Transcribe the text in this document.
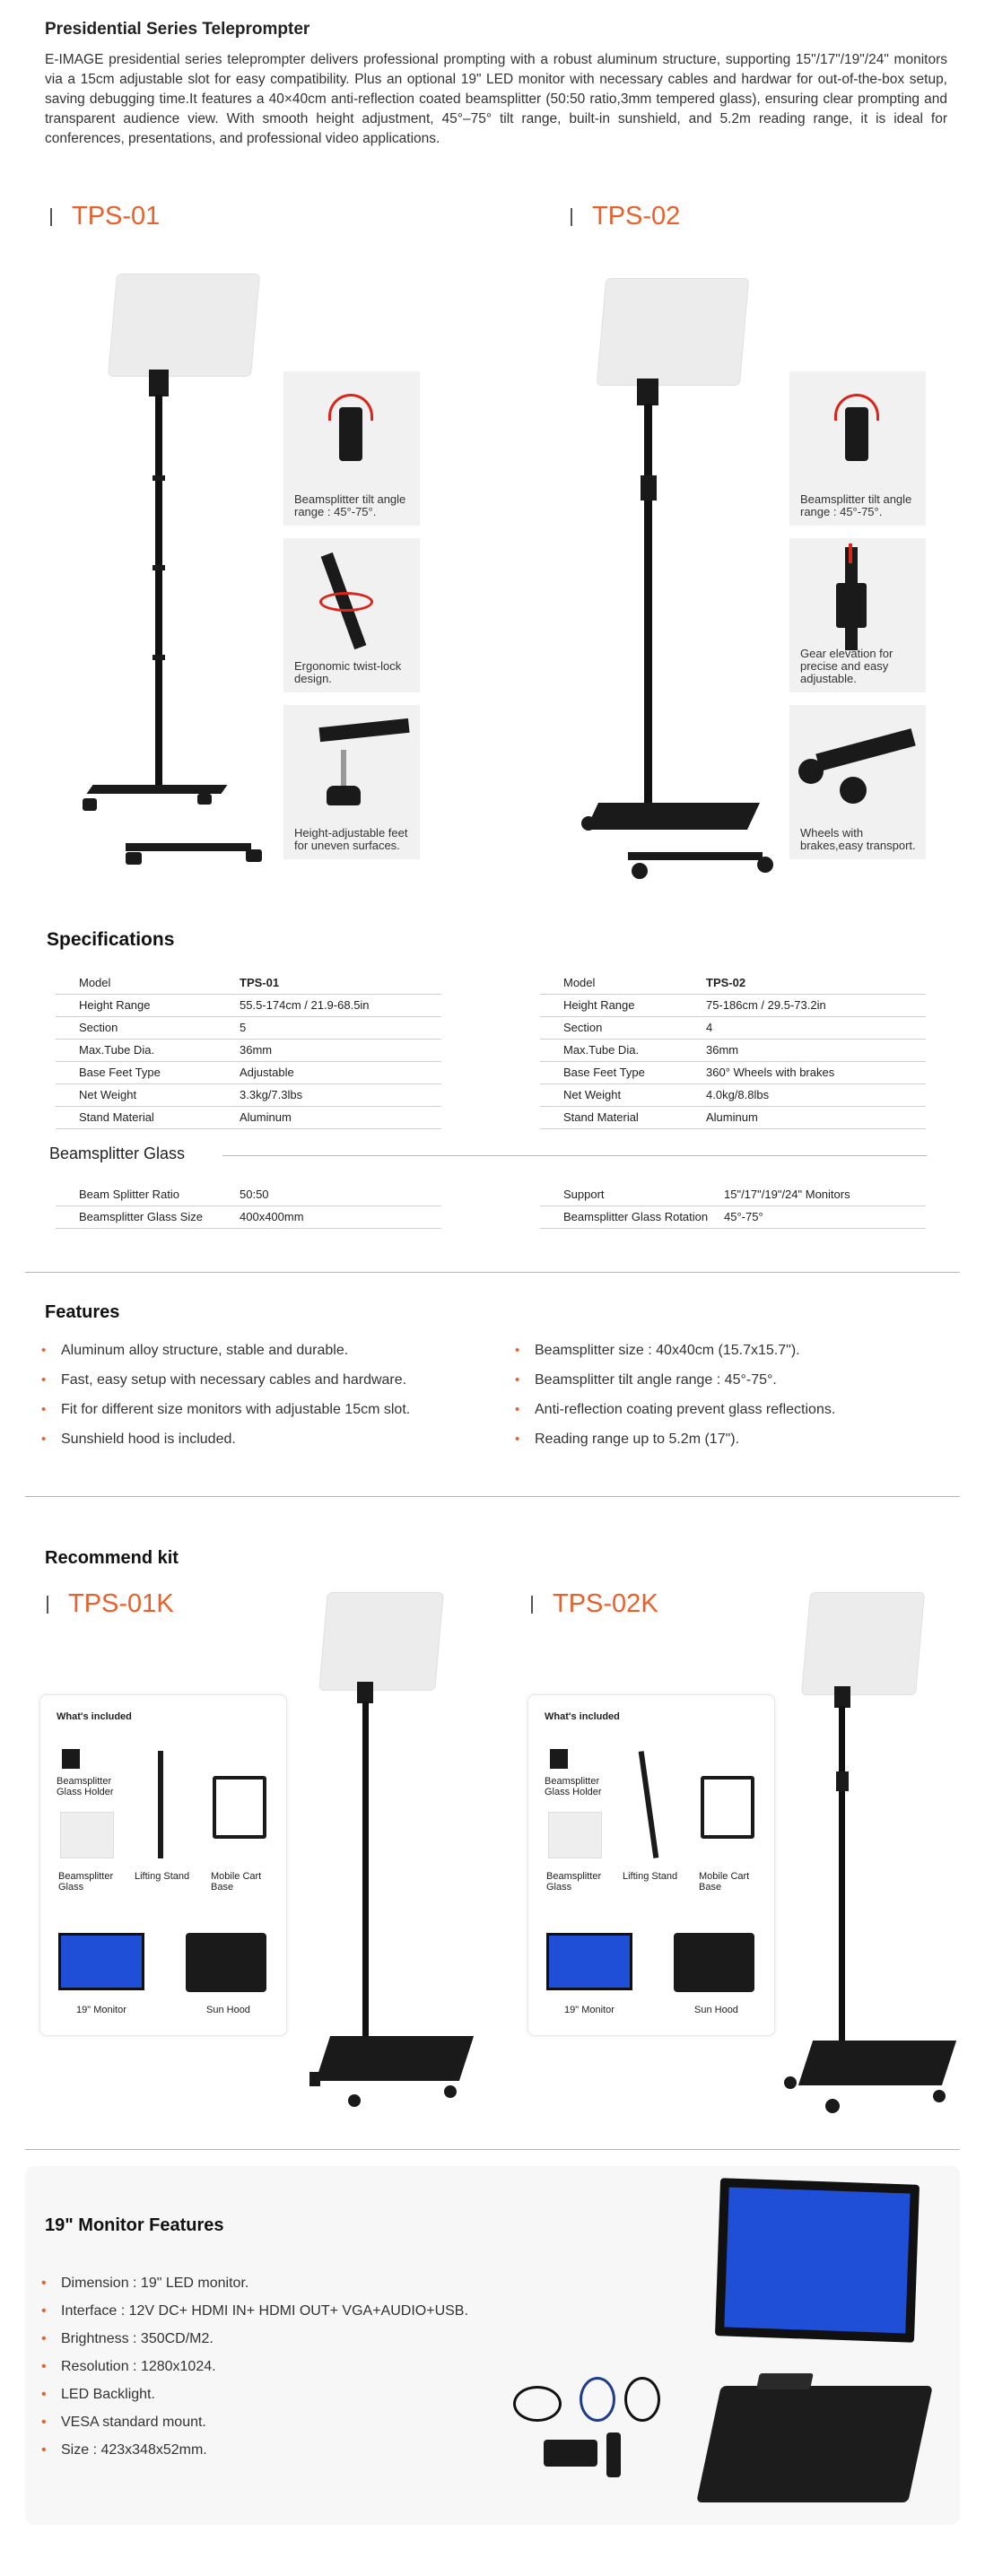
Presidential Series Teleprompter
E-IMAGE presidential series teleprompter delivers professional prompting with a robust aluminum structure, supporting 15"/17"/19"/24" monitors via a 15cm adjustable slot for easy compatibility. Plus an optional 19" LED monitor with necessary cables and hardwar for out-of-the-box setup, saving debugging time.It features a 40×40cm anti-reflection coated beamsplitter (50:50 ratio,3mm tempered glass), ensuring clear prompting and transparent audience view. With smooth height adjustment, 45°–75° tilt range, built-in sunshield, and 5.2m reading range, it is ideal for conferences, presentations, and professional video applications.
TPS-01	TPS-02
Beamsplitter tilt angle range : 45°-75°.
Ergonomic twist-lock design.
Height-adjustable feet for uneven surfaces.
Beamsplitter tilt angle range : 45°-75°.
Gear elevation for precise and easy adjustable.
Wheels with brakes,easy transport.
Specifications
Model	TPS-01
Height Range	55.5-174cm / 21.9-68.5in
Section	5
Max.Tube Dia.	36mm
Base Feet Type	Adjustable
Net Weight	3.3kg/7.3lbs
Stand Material	Aluminum
Model	TPS-02
Height Range	75-186cm / 29.5-73.2in
Section	4
Max.Tube Dia.	36mm
Base Feet Type	360° Wheels with brakes
Net Weight	4.0kg/8.8lbs
Stand Material	Aluminum
Beamsplitter Glass
Beam Splitter Ratio	50:50
Beamsplitter Glass Size	400x400mm
Support	15"/17"/19"/24" Monitors
Beamsplitter Glass Rotation	45°-75°
Features
• Aluminum alloy structure, stable and durable.
• Fast, easy setup with necessary cables and hardware.
• Fit for different size monitors with adjustable 15cm slot.
• Sunshield hood is included.
• Beamsplitter size : 40x40cm (15.7x15.7").
• Beamsplitter tilt angle range : 45°-75°.
• Anti-reflection coating prevent glass reflections.
• Reading range up to 5.2m (17").
Recommend kit
TPS-01K	TPS-02K
What's included
Beamsplitter Glass Holder
Beamsplitter Glass
Lifting Stand	Mobile Cart Base
19" Monitor	Sun Hood
What's included
Beamsplitter Glass Holder
Beamsplitter Glass
Lifting Stand	Mobile Cart Base
19" Monitor	Sun Hood
19" Monitor Features
• Dimension : 19" LED monitor.
• Interface : 12V DC+ HDMI IN+ HDMI OUT+ VGA+AUDIO+USB.
• Brightness : 350CD/M2.
• Resolution : 1280x1024.
• LED Backlight.
• VESA standard mount.
• Size : 423x348x52mm.
